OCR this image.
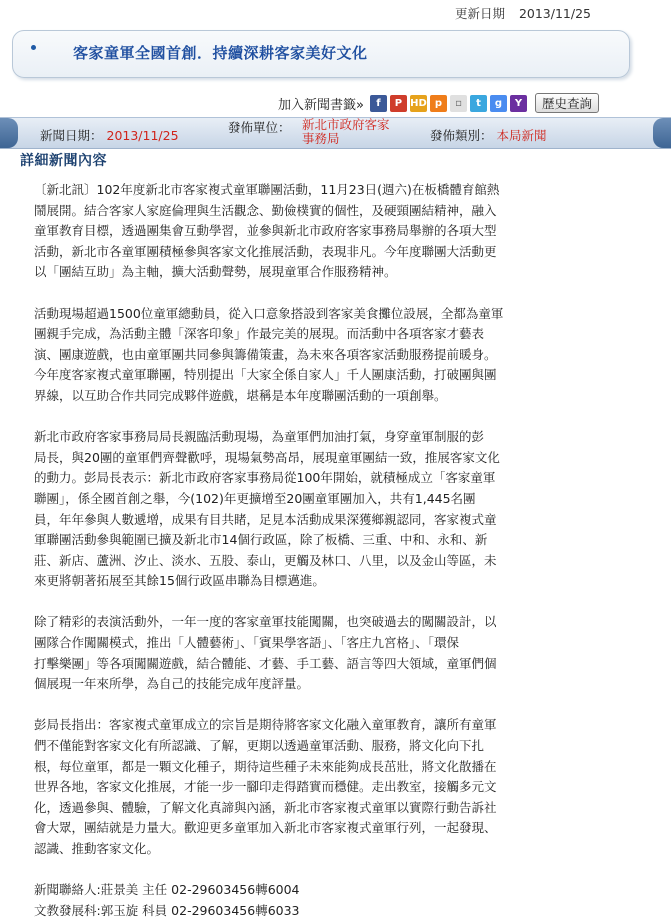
更新日期 2013/11/25
客家童軍全國首創．持續深耕客家美好文化
加入新聞書籤»	f	P HD p	▫	t	g	Y	歷史查詢
新聞日期： 2013/11/25
發佈單位： 新北市政府客家事務局	發佈類別： 本局新聞
詳細新聞內容

〔新北訊〕102年度新北市客家複式童軍聯團活動，11月23日(週六)在板橋體育館熱
鬧展開。結合客家人家庭倫理與生活觀念、勤儉樸實的個性，及硬頸團結精神，融入
童軍教育目標，透過團集會互動學習，並參與新北市政府客家事務局舉辦的各項大型
活動，新北市各童軍團積極參與客家文化推展活動，表現非凡。今年度聯團大活動更
以「團結互助」為主軸，擴大活動聲勢，展現童軍合作服務精神。

活動現場超過1500位童軍總動員，從入口意象搭設到客家美食攤位設展，全都為童軍
團親手完成，為活動主體「深客印象」作最完美的展現。而活動中各項客家才藝表
演、團康遊戲，也由童軍團共同參與籌備策畫，為未來各項客家活動服務提前暖身。
今年度客家複式童軍聯團，特別提出「大家全係自家人」千人團康活動，打破團與團
界線，以互助合作共同完成夥伴遊戲，堪稱是本年度聯團活動的一項創舉。

新北市政府客家事務局局長親臨活動現場，為童軍們加油打氣，身穿童軍制服的彭
局長，與20團的童軍們齊聲歡呼，現場氣勢高昂，展現童軍團結一致，推展客家文化
的動力。彭局長表示：新北市政府客家事務局從100年開始，就積極成立「客家童軍
聯團」，係全國首創之舉，今(102)年更擴增至20團童軍團加入，共有1,445名團
員，年年參與人數遞增，成果有目共睹，足見本活動成果深獲鄉親認同，客家複式童
軍聯團活動參與範圍已擴及新北市14個行政區，除了板橋、三重、中和、永和、新
莊、新店、蘆洲、汐止、淡水、五股、泰山，更觸及林口、八里，以及金山等區，未
來更將朝著拓展至其餘15個行政區串聯為目標邁進。

除了精彩的表演活動外，一年一度的客家童軍技能闖關，也突破過去的闖關設計，以
團隊合作闖關模式，推出「人體藝術」、「賓果學客語」、「客庄九宮格」、「環保
打擊樂團」等各項闖關遊戲，結合體能、才藝、手工藝、語言等四大領域，童軍們個
個展現一年來所學，為自己的技能完成年度評量。

彭局長指出：客家複式童軍成立的宗旨是期待將客家文化融入童軍教育，讓所有童軍
們不僅能對客家文化有所認識、了解，更期以透過童軍活動、服務，將文化向下扎
根，每位童軍，都是一顆文化種子，期待這些種子未來能夠成長茁壯，將文化散播在
世界各地，客家文化推展，才能一步一腳印走得踏實而穩健。走出教室，接觸多元文
化，透過參與、體驗，了解文化真諦與內涵，新北市客家複式童軍以實際行動告訴社
會大眾，團結就是力量大。歡迎更多童軍加入新北市客家複式童軍行列，一起發現、
認識、推動客家文化。

新聞聯絡人:莊景美 主任 02-29603456轉6004
文教發展科:郭玉旋 科員 02-29603456轉6033
